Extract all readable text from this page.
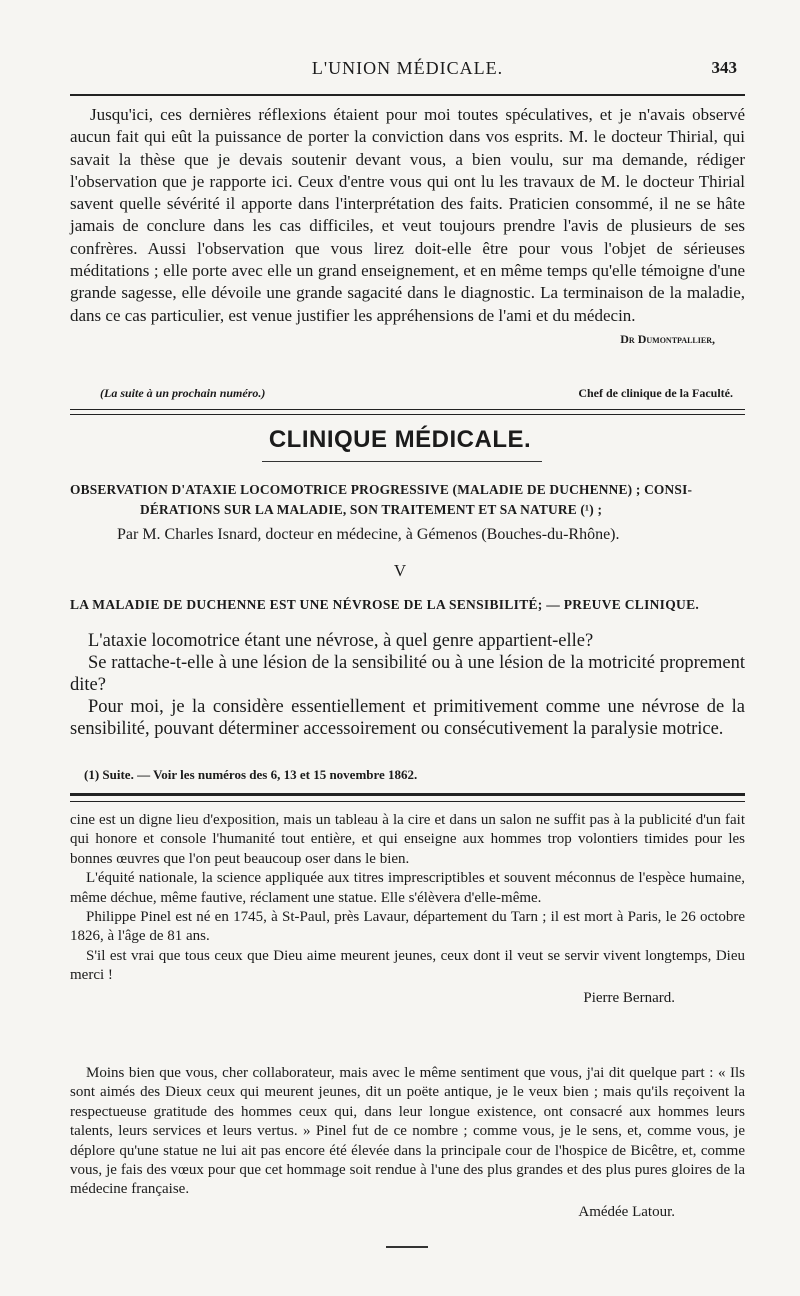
L'UNION MÉDICALE.	343

Jusqu'ici, ces dernières réflexions étaient pour moi toutes spéculatives, et je n'avais observé aucun fait qui eût la puissance de porter la conviction dans vos esprits. M. le docteur Thirial, qui savait la thèse que je devais soutenir devant vous, a bien voulu, sur ma demande, rédiger l'observation que je rapporte ici. Ceux d'entre vous qui ont lu les travaux de M. le docteur Thirial savent quelle sévérité il apporte dans l'interprétation des faits. Praticien consommé, il ne se hâte jamais de conclure dans les cas difficiles, et veut toujours prendre l'avis de plusieurs de ses confrères. Aussi l'observation que vous lirez doit-elle être pour vous l'objet de sérieuses méditations ; elle porte avec elle un grand enseignement, et en même temps qu'elle témoigne d'une grande sagesse, elle dévoile une grande sagacité dans le diagnostic. La terminaison de la maladie, dans ce cas particulier, est venue justifier les appréhensions de l'ami et du médecin.

Dr Dumontpallier,
(La suite à un prochain numéro.)	Chef de clinique de la Faculté.
CLINIQUE MÉDICALE.

OBSERVATION D'ATAXIE LOCOMOTRICE PROGRESSIVE (MALADIE DE DUCHENNE) ; CONSI-
DÉRATIONS SUR LA MALADIE, SON TRAITEMENT ET SA NATURE (¹) ;

Par M. Charles Isnard, docteur en médecine, à Gémenos (Bouches-du-Rhône).

V

LA MALADIE DE DUCHENNE EST UNE NÉVROSE DE LA SENSIBILITÉ; — PREUVE CLINIQUE.

L'ataxie locomotrice étant une névrose, à quel genre appartient-elle?

Se rattache-t-elle à une lésion de la sensibilité ou à une lésion de la motricité proprement dite?

Pour moi, je la considère essentiellement et primitivement comme une névrose de la sensibilité, pouvant déterminer accessoirement ou consécutivement la paralysie motrice.

(1) Suite. — Voir les numéros des 6, 13 et 15 novembre 1862.

cine est un digne lieu d'exposition, mais un tableau à la cire et dans un salon ne suffit pas à la publicité d'un fait qui honore et console l'humanité tout entière, et qui enseigne aux hommes trop volontiers timides pour les bonnes œuvres que l'on peut beaucoup oser dans le bien.

L'équité nationale, la science appliquée aux titres imprescriptibles et souvent méconnus de l'espèce humaine, même déchue, même fautive, réclament une statue. Elle s'élèvera d'elle-même.

Philippe Pinel est né en 1745, à St-Paul, près Lavaur, département du Tarn ; il est mort à Paris, le 26 octobre 1826, à l'âge de 81 ans.

S'il est vrai que tous ceux que Dieu aime meurent jeunes, ceux dont il veut se servir vivent longtemps, Dieu merci !

Pierre Bernard.

Moins bien que vous, cher collaborateur, mais avec le même sentiment que vous, j'ai dit quelque part : « Ils sont aimés des Dieux ceux qui meurent jeunes, dit un poëte antique, je le veux bien ; mais qu'ils reçoivent la respectueuse gratitude des hommes ceux qui, dans leur longue existence, ont consacré aux hommes leurs talents, leurs services et leurs vertus. » Pinel fut de ce nombre ; comme vous, je le sens, et, comme vous, je déplore qu'une statue ne lui ait pas encore été élevée dans la principale cour de l'hospice de Bicêtre, et, comme vous, je fais des vœux pour que cet hommage soit rendue à l'une des plus grandes et des plus pures gloires de la médecine française.

Amédée Latour.
